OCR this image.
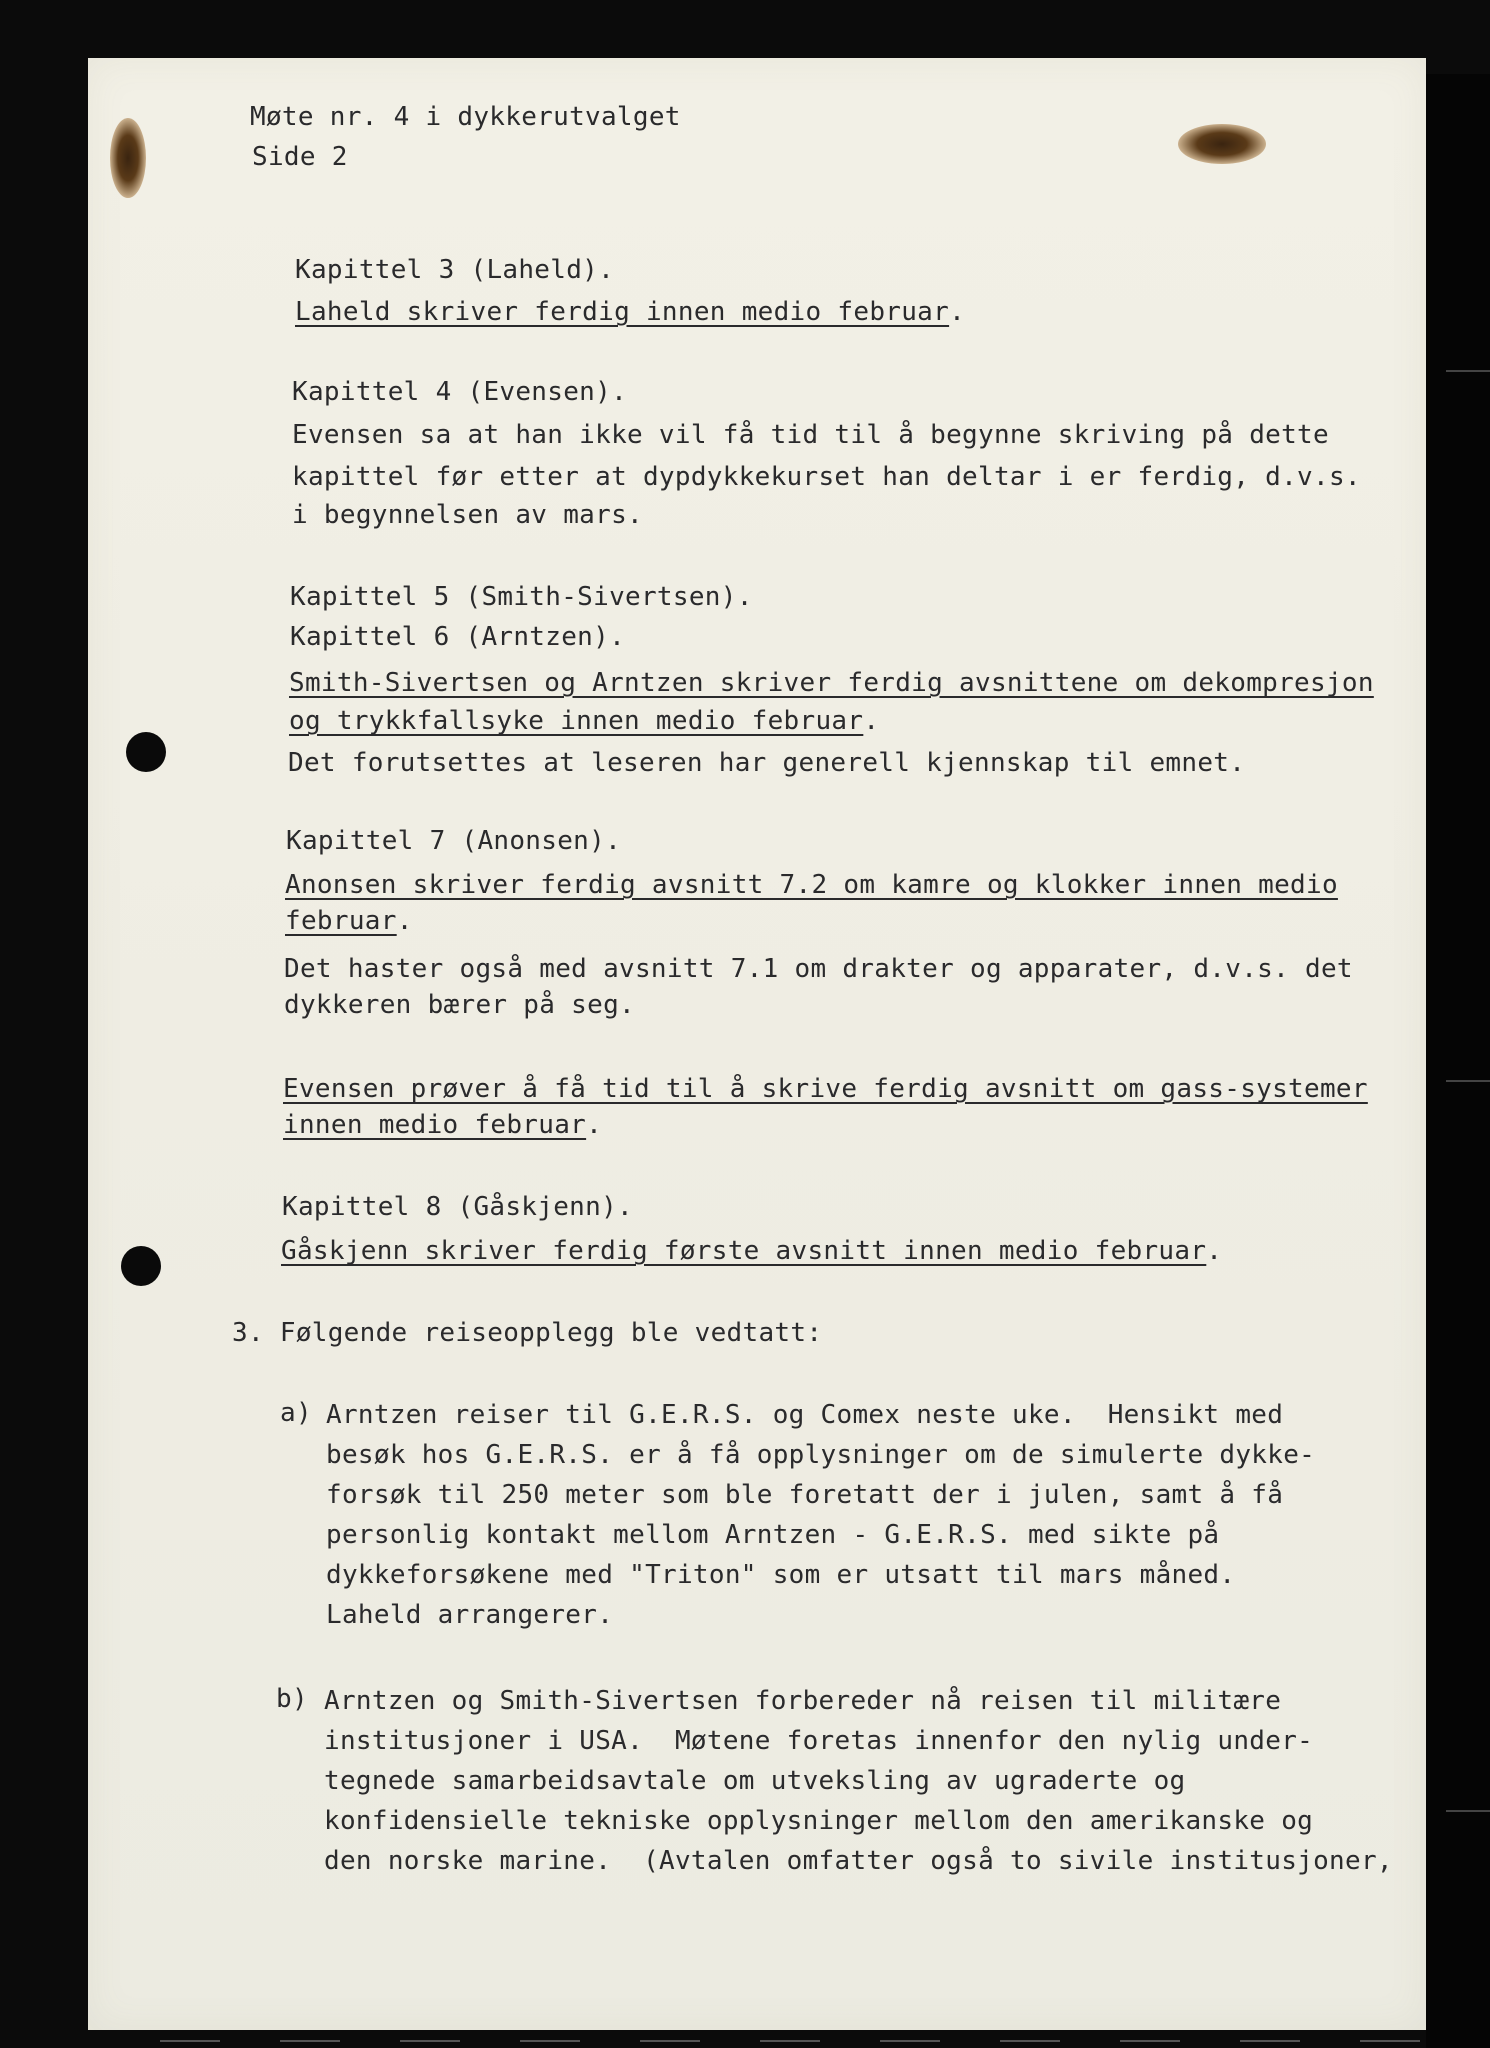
Møte nr. 4 i dykkerutvalget
Side 2
Kapittel 3 (Laheld).
Laheld skriver ferdig innen medio februar.
Kapittel 4 (Evensen).
Evensen sa at han ikke vil få tid til å begynne skriving på dette
kapittel før etter at dypdykkekurset han deltar i er ferdig, d.v.s.
i begynnelsen av mars.
Kapittel 5 (Smith-Sivertsen).
Kapittel 6 (Arntzen).
Smith-Sivertsen og Arntzen skriver ferdig avsnittene om dekompresjon
og trykkfallsyke innen medio februar.
Det forutsettes at leseren har generell kjennskap til emnet.
Kapittel 7 (Anonsen).
Anonsen skriver ferdig avsnitt 7.2 om kamre og klokker innen medio
februar.
Det haster også med avsnitt 7.1 om drakter og apparater, d.v.s. det
dykkeren bærer på seg.
Evensen prøver å få tid til å skrive ferdig avsnitt om gass-systemer
innen medio februar.
Kapittel 8 (Gåskjenn).
Gåskjenn skriver ferdig første avsnitt innen medio februar.
3. Følgende reiseopplegg ble vedtatt:
a) Arntzen reiser til G.E.R.S. og Comex neste uke.  Hensikt med
besøk hos G.E.R.S. er å få opplysninger om de simulerte dykke-
forsøk til 250 meter som ble foretatt der i julen, samt å få
personlig kontakt mellom Arntzen - G.E.R.S. med sikte på
dykkeforsøkene med "Triton" som er utsatt til mars måned.
Laheld arrangerer.
b) Arntzen og Smith-Sivertsen forbereder nå reisen til militære
institusjoner i USA.  Møtene foretas innenfor den nylig under-
tegnede samarbeidsavtale om utveksling av ugraderte og
konfidensielle tekniske opplysninger mellom den amerikanske og
den norske marine.  (Avtalen omfatter også to sivile institusjoner,
